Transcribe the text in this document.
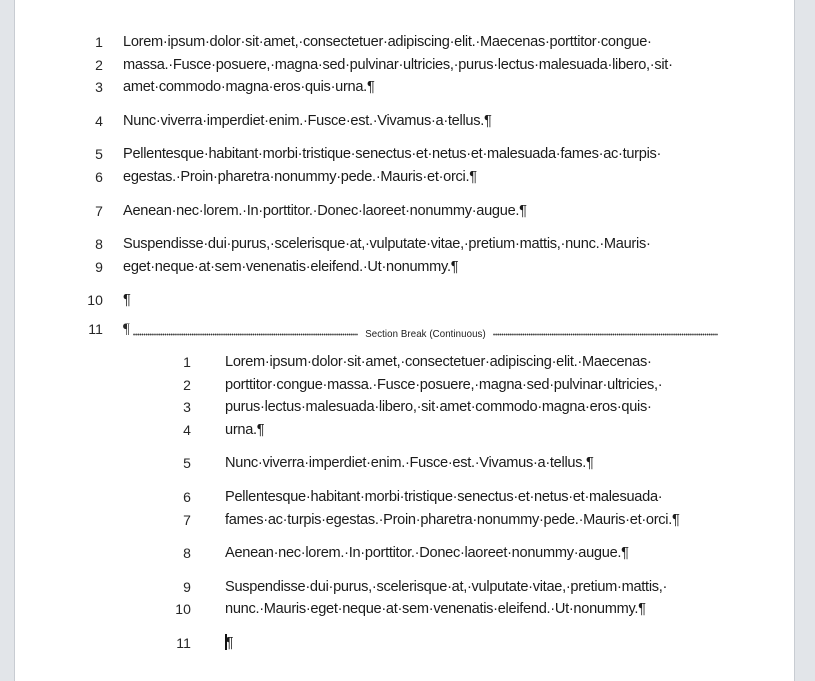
1 Lorem·ipsum·dolor·sit·amet,·consectetuer·adipiscing·elit.·Maecenas·porttitor·congue·
2 massa.·Fusce·posuere,·magna·sed·pulvinar·ultricies,·purus·lectus·malesuada·libero,·sit·
3 amet·commodo·magna·eros·quis·urna.¶
4 Nunc·viverra·imperdiet·enim.·Fusce·est.·Vivamus·a·tellus.¶
5 Pellentesque·habitant·morbi·tristique·senectus·et·netus·et·malesuada·fames·ac·turpis·
6 egestas.·Proin·pharetra·nonummy·pede.·Mauris·et·orci.¶
7 Aenean·nec·lorem.·In·porttitor.·Donec·laoreet·nonummy·augue.¶
8 Suspendisse·dui·purus,·scelerisque·at,·vulputate·vitae,·pretium·mattis,·nunc.·Mauris·
9 eget·neque·at·sem·venenatis·eleifend.·Ut·nonummy.¶
10 ¶
11 ¶	Section Break (Continuous)
1 Lorem·ipsum·dolor·sit·amet,·consectetuer·adipiscing·elit.·Maecenas·
2 porttitor·congue·massa.·Fusce·posuere,·magna·sed·pulvinar·ultricies,·
3 purus·lectus·malesuada·libero,·sit·amet·commodo·magna·eros·quis·
4 urna.¶
5 Nunc·viverra·imperdiet·enim.·Fusce·est.·Vivamus·a·tellus.¶
6 Pellentesque·habitant·morbi·tristique·senectus·et·netus·et·malesuada·
7 fames·ac·turpis·egestas.·Proin·pharetra·nonummy·pede.·Mauris·et·orci.¶
8 Aenean·nec·lorem.·In·porttitor.·Donec·laoreet·nonummy·augue.¶
9 Suspendisse·dui·purus,·scelerisque·at,·vulputate·vitae,·pretium·mattis,·
10 nunc.·Mauris·eget·neque·at·sem·venenatis·eleifend.·Ut·nonummy.¶
11 ¶
